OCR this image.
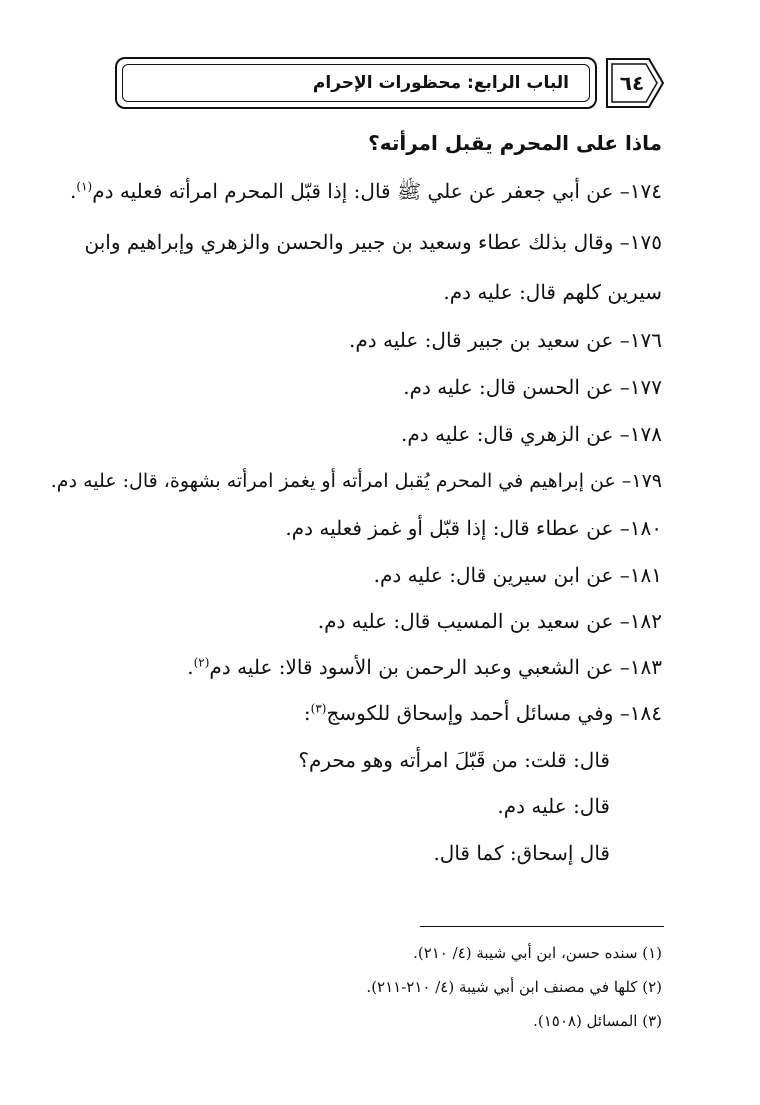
الباب الرابع: محظورات الإحرام	٦٤
ماذا على المحرم يقبل امرأته؟
١٧٤– عن أبي جعفر عن علي ﷺ قال: إذا قبّل المحرم امرأته فعليه دم$^{(١)}$.
١٧٥– وقال بذلك عطاء وسعيد بن جبير والحسن والزهري وإبراهيم وابن
سيرين كلهم قال: عليه دم.
١٧٦– عن سعيد بن جبير قال: عليه دم.
١٧٧– عن الحسن قال: عليه دم.
١٧٨– عن الزهري قال: عليه دم.
١٧٩– عن إبراهيم في المحرم يُقبل امرأته أو يغمز امرأته بشهوة، قال: عليه دم.
١٨٠– عن عطاء قال: إذا قبّل أو غمز فعليه دم.
١٨١– عن ابن سيرين قال: عليه دم.
١٨٢– عن سعيد بن المسيب قال: عليه دم.
١٨٣– عن الشعبي وعبد الرحمن بن الأسود قالا: عليه دم$^{(٢)}$.
١٨٤– وفي مسائل أحمد وإسحاق للكوسج$^{(٣)}$:
قال: قلت: من قَبّلَ امرأته وهو محرم؟
قال: عليه دم.
قال إسحاق: كما قال.
(١) سنده حسن، ابن أبي شيبة (٤/ ٢١٠).
(٢) كلها في مصنف ابن أبي شيبة (٤/ ٢١٠-٢١١).
(٣) المسائل (١٥٠٨).
